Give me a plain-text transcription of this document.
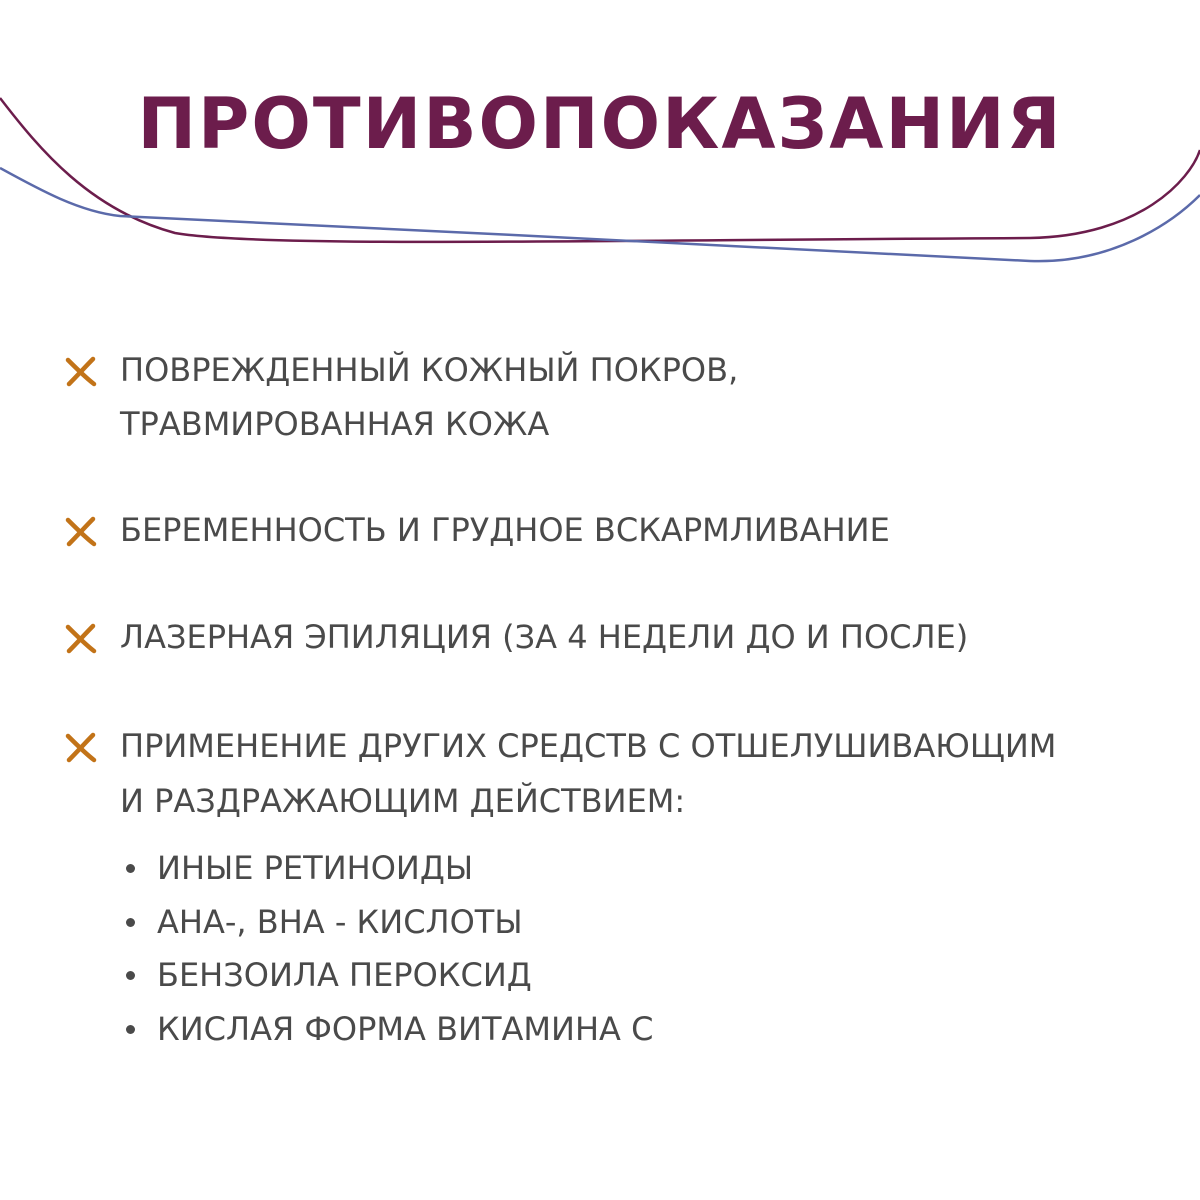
ПРОТИВОПОКАЗАНИЯ

ПОВРЕЖДЕННЫЙ КОЖНЫЙ ПОКРОВ,

ТРАВМИРОВАННАЯ КОЖА

БЕРЕМЕННОСТЬ И ГРУДНОЕ ВСКАРМЛИВАНИЕ

ЛАЗЕРНАЯ ЭПИЛЯЦИЯ (ЗА 4 НЕДЕЛИ ДО И ПОСЛЕ)

ПРИМЕНЕНИЕ ДРУГИХ СРЕДСТВ С ОТШЕЛУШИВАЮЩИМ

И РАЗДРАЖАЮЩИМ ДЕЙСТВИЕМ:

ИНЫЕ РЕТИНОИДЫ

АНА-, ВНА - КИСЛОТЫ

БЕНЗОИЛА ПЕРОКСИД

КИСЛАЯ ФОРМА ВИТАМИНА С
